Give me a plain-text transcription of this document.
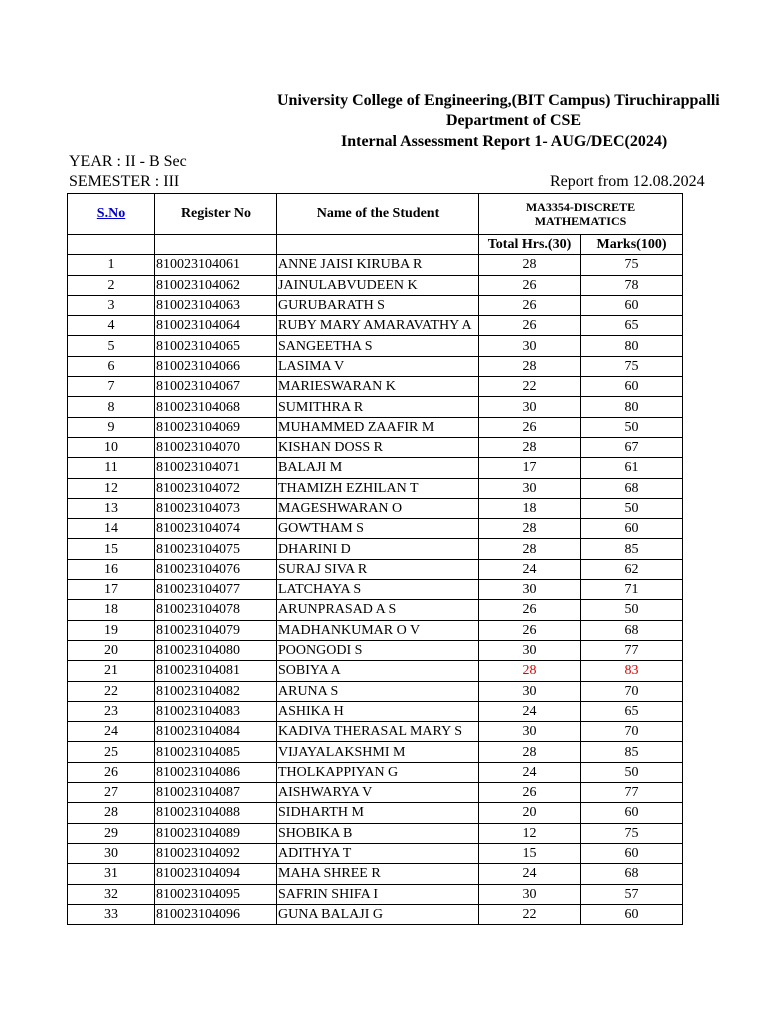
University College of Engineering,(BIT Campus) Tiruchirappalli
Department of CSE
Internal Assessment Report 1- AUG/DEC(2024)
YEAR : II - B Sec
SEMESTER : III	Report from 12.08.2024
S.No	Register No	Name of the Student	MA3354-DISCRETE MATHEMATICS	
			Total Hrs.(30)	Marks(100)
1	810023104061	ANNE JAISI KIRUBA R	28	75
2	810023104062	JAINULABVUDEEN K	26	78
3	810023104063	GURUBARATH S	26	60
4	810023104064	RUBY MARY AMARAVATHY A	26	65
5	810023104065	SANGEETHA S	30	80
6	810023104066	LASIMA V	28	75
7	810023104067	MARIESWARAN K	22	60
8	810023104068	SUMITHRA R	30	80
9	810023104069	MUHAMMED ZAAFIR M	26	50
10	810023104070	KISHAN DOSS R	28	67
11	810023104071	BALAJI M	17	61
12	810023104072	THAMIZH EZHILAN T	30	68
13	810023104073	MAGESHWARAN O	18	50
14	810023104074	GOWTHAM S	28	60
15	810023104075	DHARINI D	28	85
16	810023104076	SURAJ SIVA R	24	62
17	810023104077	LATCHAYA S	30	71
18	810023104078	ARUNPRASAD A S	26	50
19	810023104079	MADHANKUMAR O V	26	68
20	810023104080	POONGODI S	30	77
21	810023104081	SOBIYA A	28	83
22	810023104082	ARUNA S	30	70
23	810023104083	ASHIKA H	24	65
24	810023104084	KADIVA THERASAL MARY S	30	70
25	810023104085	VIJAYALAKSHMI M	28	85
26	810023104086	THOLKAPPIYAN G	24	50
27	810023104087	AISHWARYA V	26	77
28	810023104088	SIDHARTH M	20	60
29	810023104089	SHOBIKA B	12	75
30	810023104092	ADITHYA T	15	60
31	810023104094	MAHA SHREE R	24	68
32	810023104095	SAFRIN SHIFA I	30	57
33	810023104096	GUNA BALAJI G	22	60
